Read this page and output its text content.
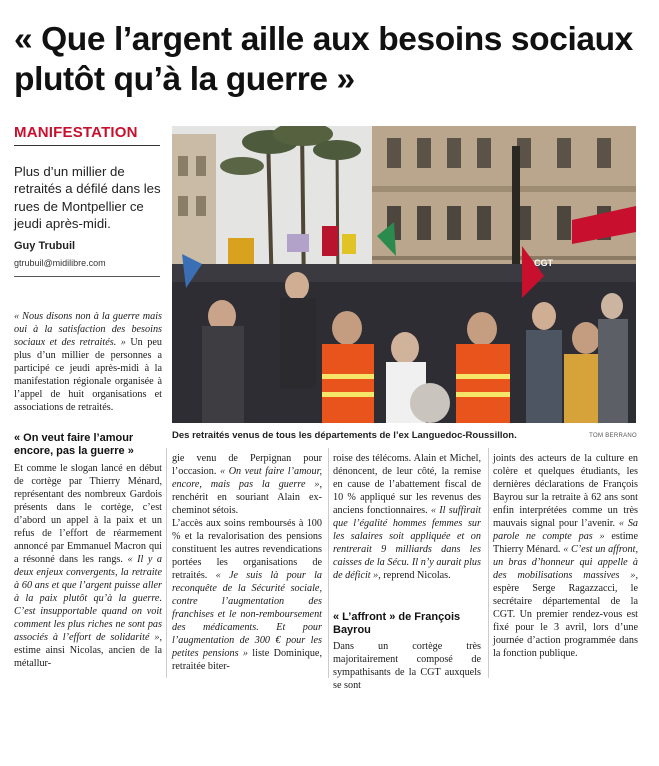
« Que l’argent aille aux besoins sociaux plutôt qu’à la guerre »
MANIFESTATION

Plus d’un millier de retraités a défilé dans les rues de Montpellier ce jeudi après-midi.

Guy Trubuil
gtrubuil@midilibre.com

« Nous disons non à la guerre mais oui à la satisfaction des besoins sociaux et des retraités. » Un peu plus d’un millier de personnes a participé ce jeudi après-midi à la manifestation régionale organisée à l’appel de huit organisations et associations de retraités.

CGT
Des retraités venus de tous les départements de l’ex Languedoc-Roussillon.	TOM BERRANO
« On veut faire l’amour encore, pas la guerre »
Et comme le slogan lancé en début de cortège par Thierry Ménard, représentant des nombreux Gardois présents dans le cortège, c’est d’abord un appel à la paix et un refus de l’effort de réarmement annoncé par Emmanuel Macron qui a résonné dans les rangs. « Il y a deux enjeux convergents, la retraite à 60 ans et que l’argent puisse aller à la paix plutôt qu’à la guerre. C’est insupportable quand on voit comment les plus riches ne sont pas associés à l’effort de solidarité », estime ainsi Nicolas, ancien de la métallur-
gie venu de Perpignan pour l’occasion. « On veut faire l’amour, encore, mais pas la guerre », renchérit en souriant Alain ex-cheminot sétois.
L’accès aux soins remboursés à 100 % et la revalorisation des pensions constituent les autres revendications portées les organisations de retraités. « Je suis là pour la reconquête de la Sécurité sociale, contre l’augmentation des franchises et le non-remboursement des médicaments. Et pour l’augmentation de 300 € pour les petites pensions » liste Dominique, retraitée biter-
roise des télécoms. Alain et Michel, dénoncent, de leur côté, la remise en cause de l’abattement fiscal de 10 % appliqué sur les revenus des anciens fonctionnaires. « Il suffirait que l’égalité hommes femmes sur les salaires soit appliquée et on rentrerait 9 milliards dans les caisses de la Sécu. Il n’y aurait plus de déficit », reprend Nicolas.
« L’affront » de François Bayrou
Dans un cortège très majoritairement composé de sympathisants de la CGT auxquels se sont
joints des acteurs de la culture en colère et quelques étudiants, les dernières déclarations de François Bayrou sur la retraite à 62 ans sont enfin interprétées comme un très mauvais signal pour l’avenir. « Sa parole ne compte pas » estime Thierry Ménard. « C’est un affront, un bras d’honneur qui appelle à des mobilisations massives », espère Serge Ragazzacci, le secrétaire départemental de la CGT. Un premier rendez-vous est fixé pour le 3 avril, lors d’une journée d’action programmée dans la fonction publique.
